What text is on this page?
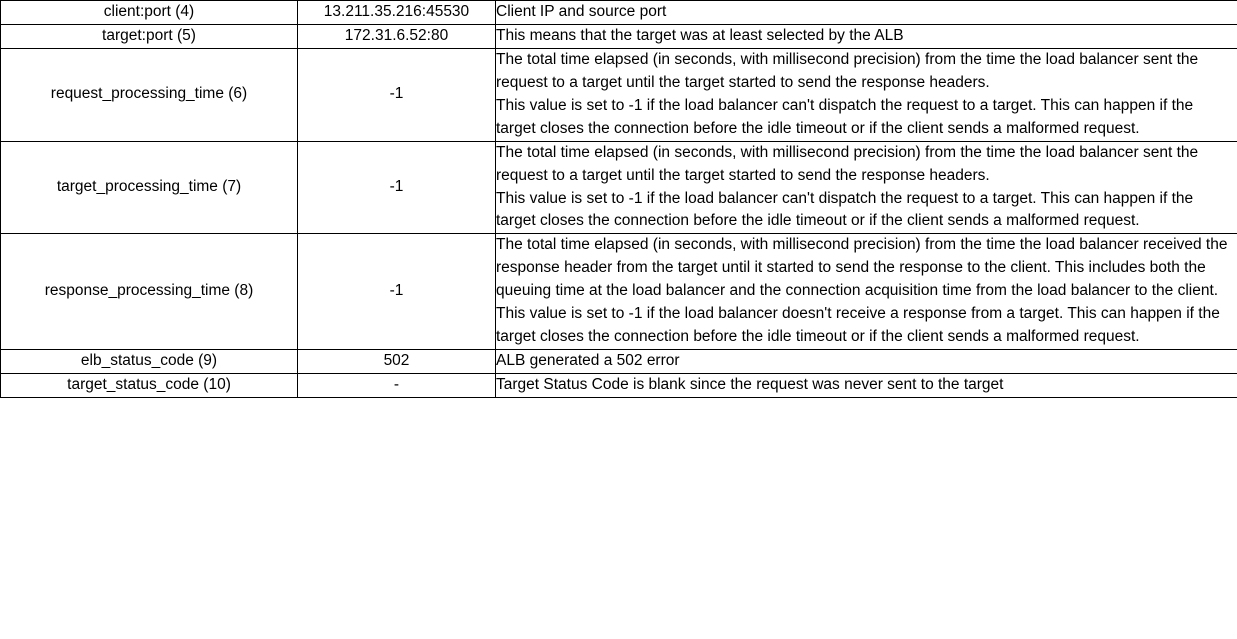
client:port (4)	13.211.35.216:45530	Client IP and source port

target:port (5)	172.31.6.52:80	This means that the target was at least selected by the ALB

request_processing_time (6)	-1	The total time elapsed (in seconds, with millisecond precision) from the time the load balancer sent the request to a target until the target started to send the response headers.

This value is set to -1 if the load balancer can't dispatch the request to a target. This can happen if the target closes the connection before the idle timeout or if the client sends a malformed request.

target_processing_time (7)	-1	The total time elapsed (in seconds, with millisecond precision) from the time the load balancer sent the request to a target until the target started to send the response headers.

This value is set to -1 if the load balancer can't dispatch the request to a target. This can happen if the target closes the connection before the idle timeout or if the client sends a malformed request.

response_processing_time (8)	-1	The total time elapsed (in seconds, with millisecond precision) from the time the load balancer received the response header from the target until it started to send the response to the client. This includes both the queuing time at the load balancer and the connection acquisition time from the load balancer to the client.

This value is set to -1 if the load balancer doesn't receive a response from a target. This can happen if the target closes the connection before the idle timeout or if the client sends a malformed request.

elb_status_code (9)	502	ALB generated a 502 error

target_status_code (10)	-	Target Status Code is blank since the request was never sent to the target
